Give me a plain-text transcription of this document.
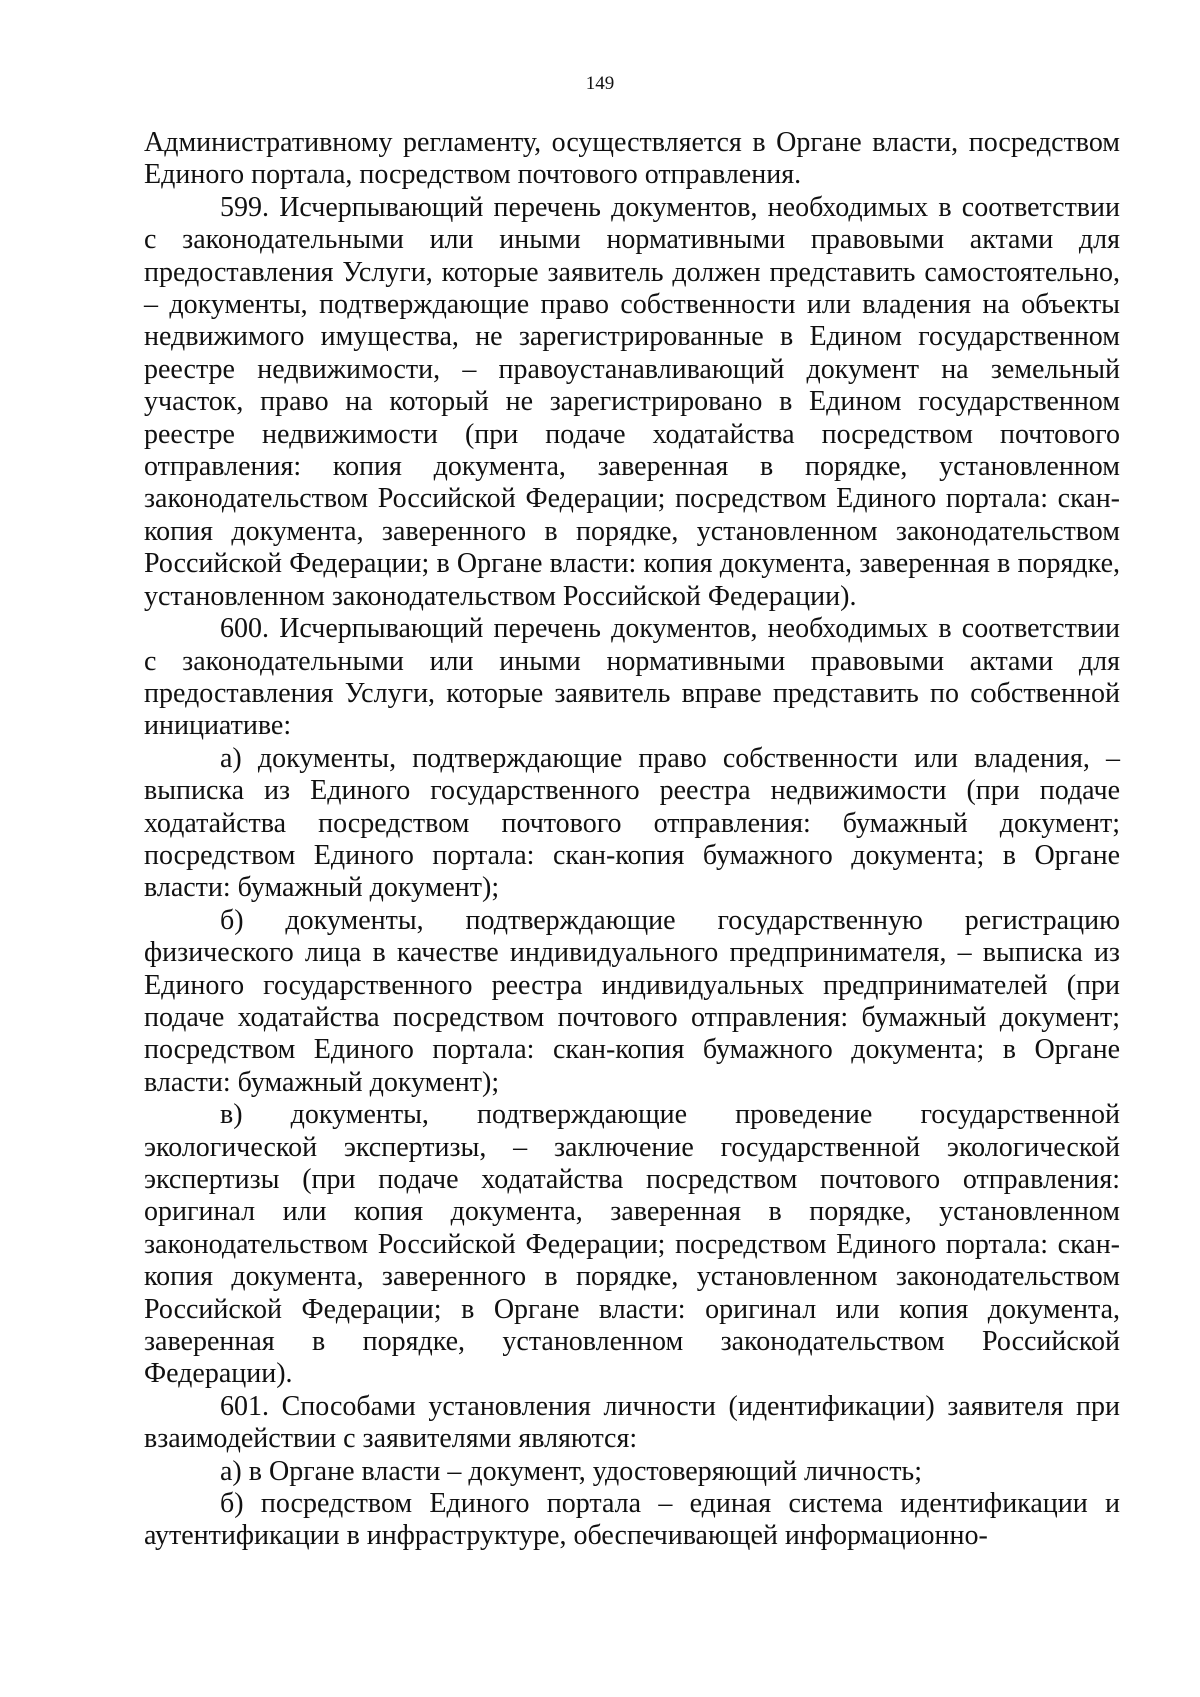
149

Административному регламенту, осуществляется в Органе власти, посредством Единого портала, посредством почтового отправления.

599. Исчерпывающий перечень документов, необходимых в соответствии с законодательными или иными нормативными правовыми актами для предоставления Услуги, которые заявитель должен представить самостоятельно, – документы, подтверждающие право собственности или владения на объекты недвижимого имущества, не зарегистрированные в Едином государственном реестре недвижимости, – правоустанавливающий документ на земельный участок, право на который не зарегистрировано в Едином государственном реестре недвижимости (при подаче ходатайства посредством почтового отправления: копия документа, заверенная в порядке, установленном законодательством Российской Федерации; посредством Единого портала: скан-копия документа, заверенного в порядке, установленном законодательством Российской Федерации; в Органе власти: копия документа, заверенная в порядке, установленном законодательством Российской Федерации).

600. Исчерпывающий перечень документов, необходимых в соответствии с законодательными или иными нормативными правовыми актами для предоставления Услуги, которые заявитель вправе представить по собственной инициативе:

а) документы, подтверждающие право собственности или владения, – выписка из Единого государственного реестра недвижимости (при подаче ходатайства посредством почтового отправления: бумажный документ; посредством Единого портала: скан-копия бумажного документа; в Органе власти: бумажный документ);

б) документы, подтверждающие государственную регистрацию физического лица в качестве индивидуального предпринимателя, – выписка из Единого государственного реестра индивидуальных предпринимателей (при подаче ходатайства посредством почтового отправления: бумажный документ; посредством Единого портала: скан-копия бумажного документа; в Органе власти: бумажный документ);

в) документы, подтверждающие проведение государственной экологической экспертизы, – заключение государственной экологической экспертизы (при подаче ходатайства посредством почтового отправления: оригинал или копия документа, заверенная в порядке, установленном законодательством Российской Федерации; посредством Единого портала: скан-копия документа, заверенного в порядке, установленном законодательством Российской Федерации; в Органе власти: оригинал или копия документа, заверенная в порядке, установленном законодательством Российской Федерации).

601. Способами установления личности (идентификации) заявителя при взаимодействии с заявителями являются:

а) в Органе власти – документ, удостоверяющий личность;

б) посредством Единого портала – единая система идентификации и аутентификации в инфраструктуре, обеспечивающей информационно-
